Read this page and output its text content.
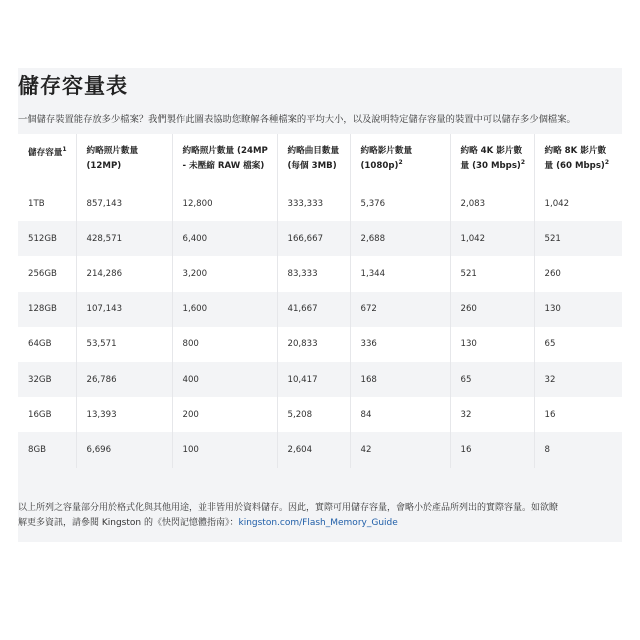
儲存容量表
一個儲存裝置能存放多少檔案？我們製作此圖表協助您瞭解各種檔案的平均大小，以及說明特定儲存容量的裝置中可以儲存多少個檔案。
儲存容量$^1$	約略照片數量 (12MP)	約略照片數量 (24MP - 未壓縮 RAW 檔案)	約略曲目數量 (每個 3MB)	約略影片數量 $(1080p)^2$	約略 4K 影片數量 (30 Mbps)$^2$	約略 8K 影片數量 (60 Mbps)$^2$
1TB	857,143	12,800	333,333	5,376	2,083	1,042
512GB	428,571	6,400	166,667	2,688	1,042	521
256GB	214,286	3,200	83,333	1,344	521	260
128GB	107,143	1,600	41,667	672	260	130
64GB	53,571	800	20,833	336	130	65
32GB	26,786	400	10,417	168	65	32
16GB	13,393	200	5,208	84	32	16
8GB	6,696	100	2,604	42	16	8
以上所列之容量部分用於格式化與其他用途，並非皆用於資料儲存。因此，實際可用儲存容量，會略小於產品所列出的實際容量。如欲瞭
解更多資訊，請參閱 Kingston 的《快閃記憶體指南》：kingston.com/Flash_Memory_Guide
